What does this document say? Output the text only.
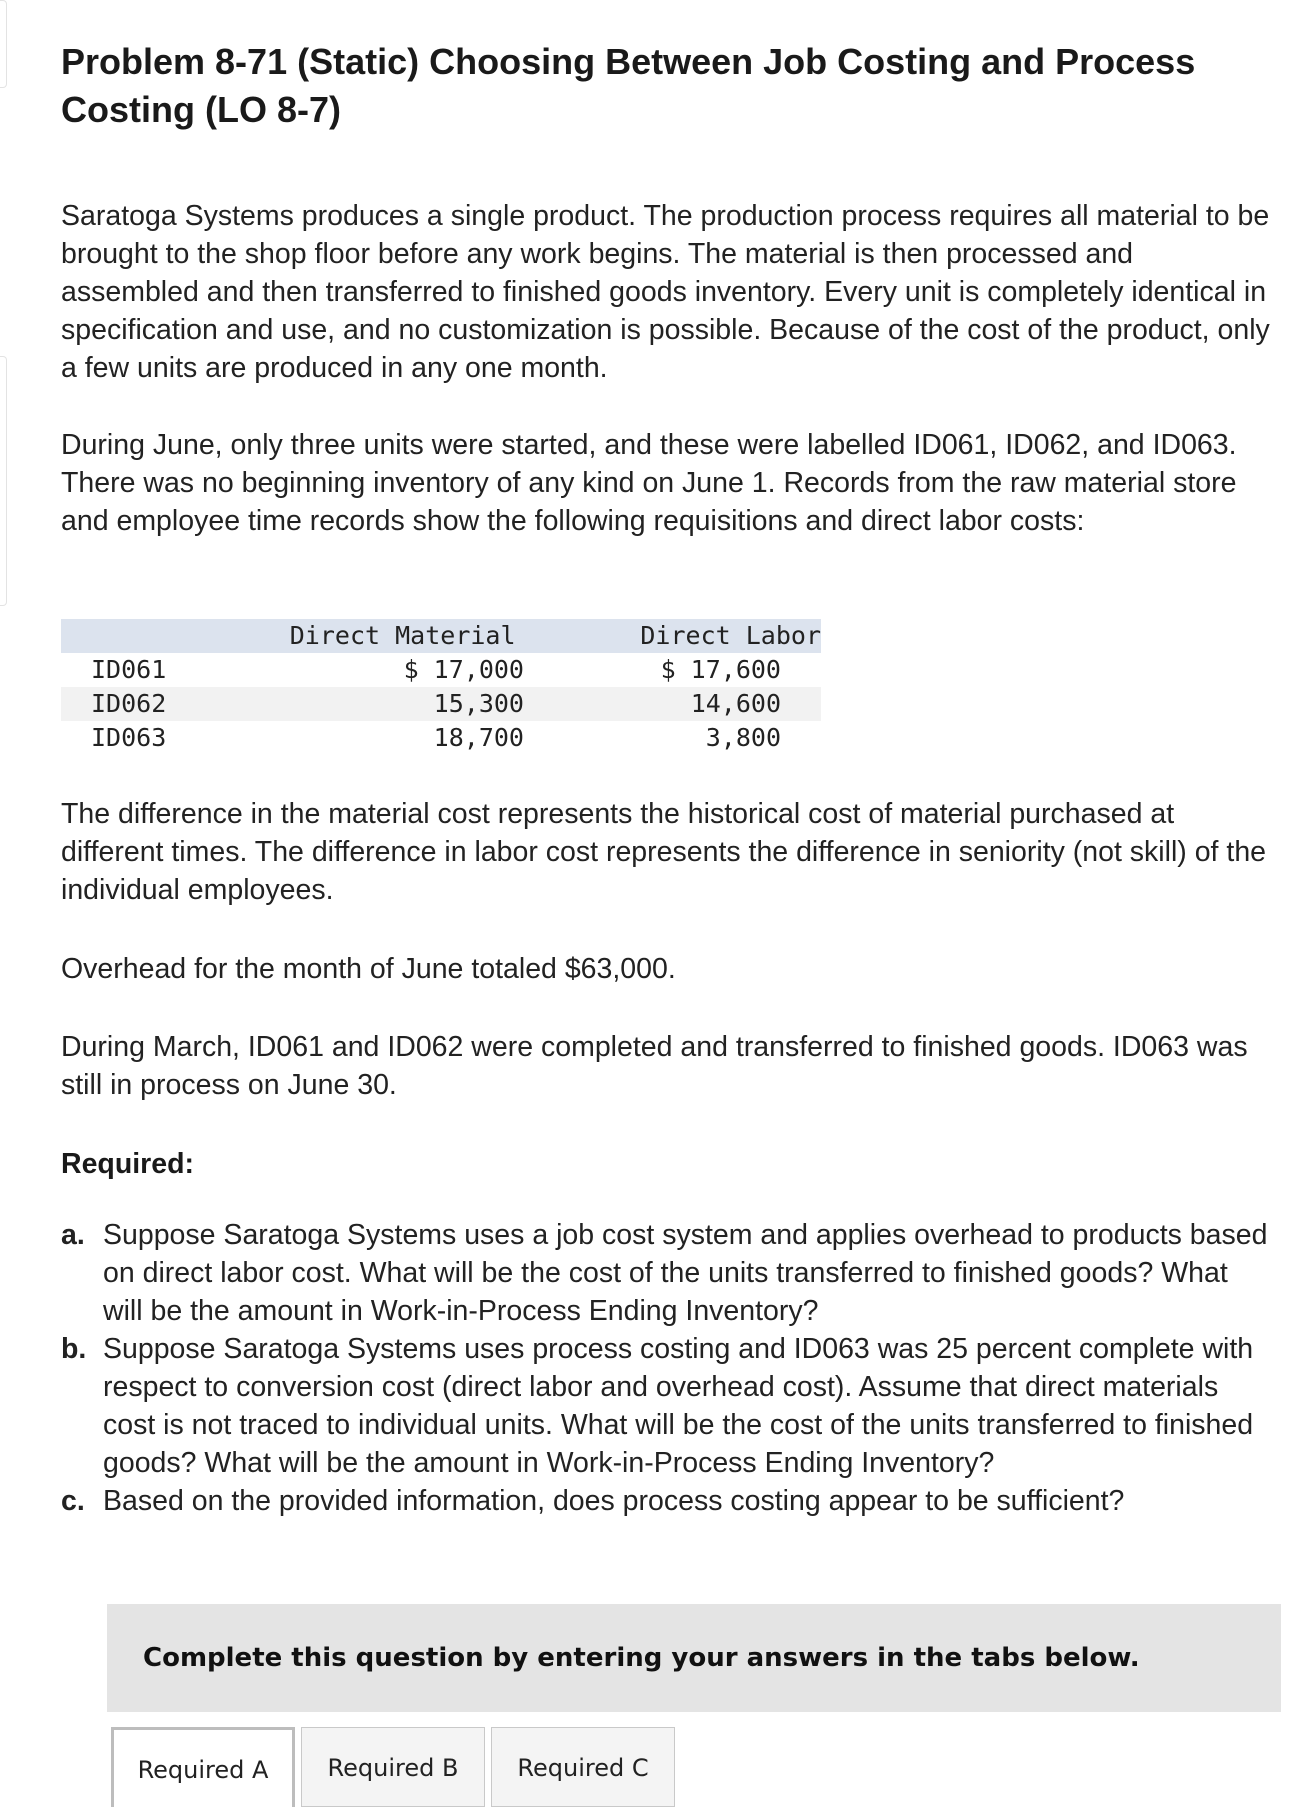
Problem 8-71 (Static) Choosing Between Job Costing and Process Costing (LO 8-7)

Saratoga Systems produces a single product. The production process requires all material to be brought to the shop floor before any work begins. The material is then processed and assembled and then transferred to finished goods inventory. Every unit is completely identical in specification and use, and no customization is possible. Because of the cost of the product, only a few units are produced in any one month.

During June, only three units were started, and these were labelled ID061, ID062, and ID063. There was no beginning inventory of any kind on June 1. Records from the raw material store and employee time records show the following requisitions and direct labor costs:

	Direct Material	Direct Labor
ID061	$ 17,000	$ 17,600
ID062	15,300	14,600
ID063	18,700	3,800

The difference in the material cost represents the historical cost of material purchased at different times. The difference in labor cost represents the difference in seniority (not skill) of the individual employees.

Overhead for the month of June totaled $63,000.

During March, ID061 and ID062 were completed and transferred to finished goods. ID063 was still in process on June 30.

Required:
a. Suppose Saratoga Systems uses a job cost system and applies overhead to products based on direct labor cost. What will be the cost of the units transferred to finished goods? What will be the amount in Work-in-Process Ending Inventory?
b. Suppose Saratoga Systems uses process costing and ID063 was 25 percent complete with respect to conversion cost (direct labor and overhead cost). Assume that direct materials cost is not traced to individual units. What will be the cost of the units transferred to finished goods? What will be the amount in Work-in-Process Ending Inventory?
c. Based on the provided information, does process costing appear to be sufficient?
Complete this question by entering your answers in the tabs below.
Required A	Required B	Required C
